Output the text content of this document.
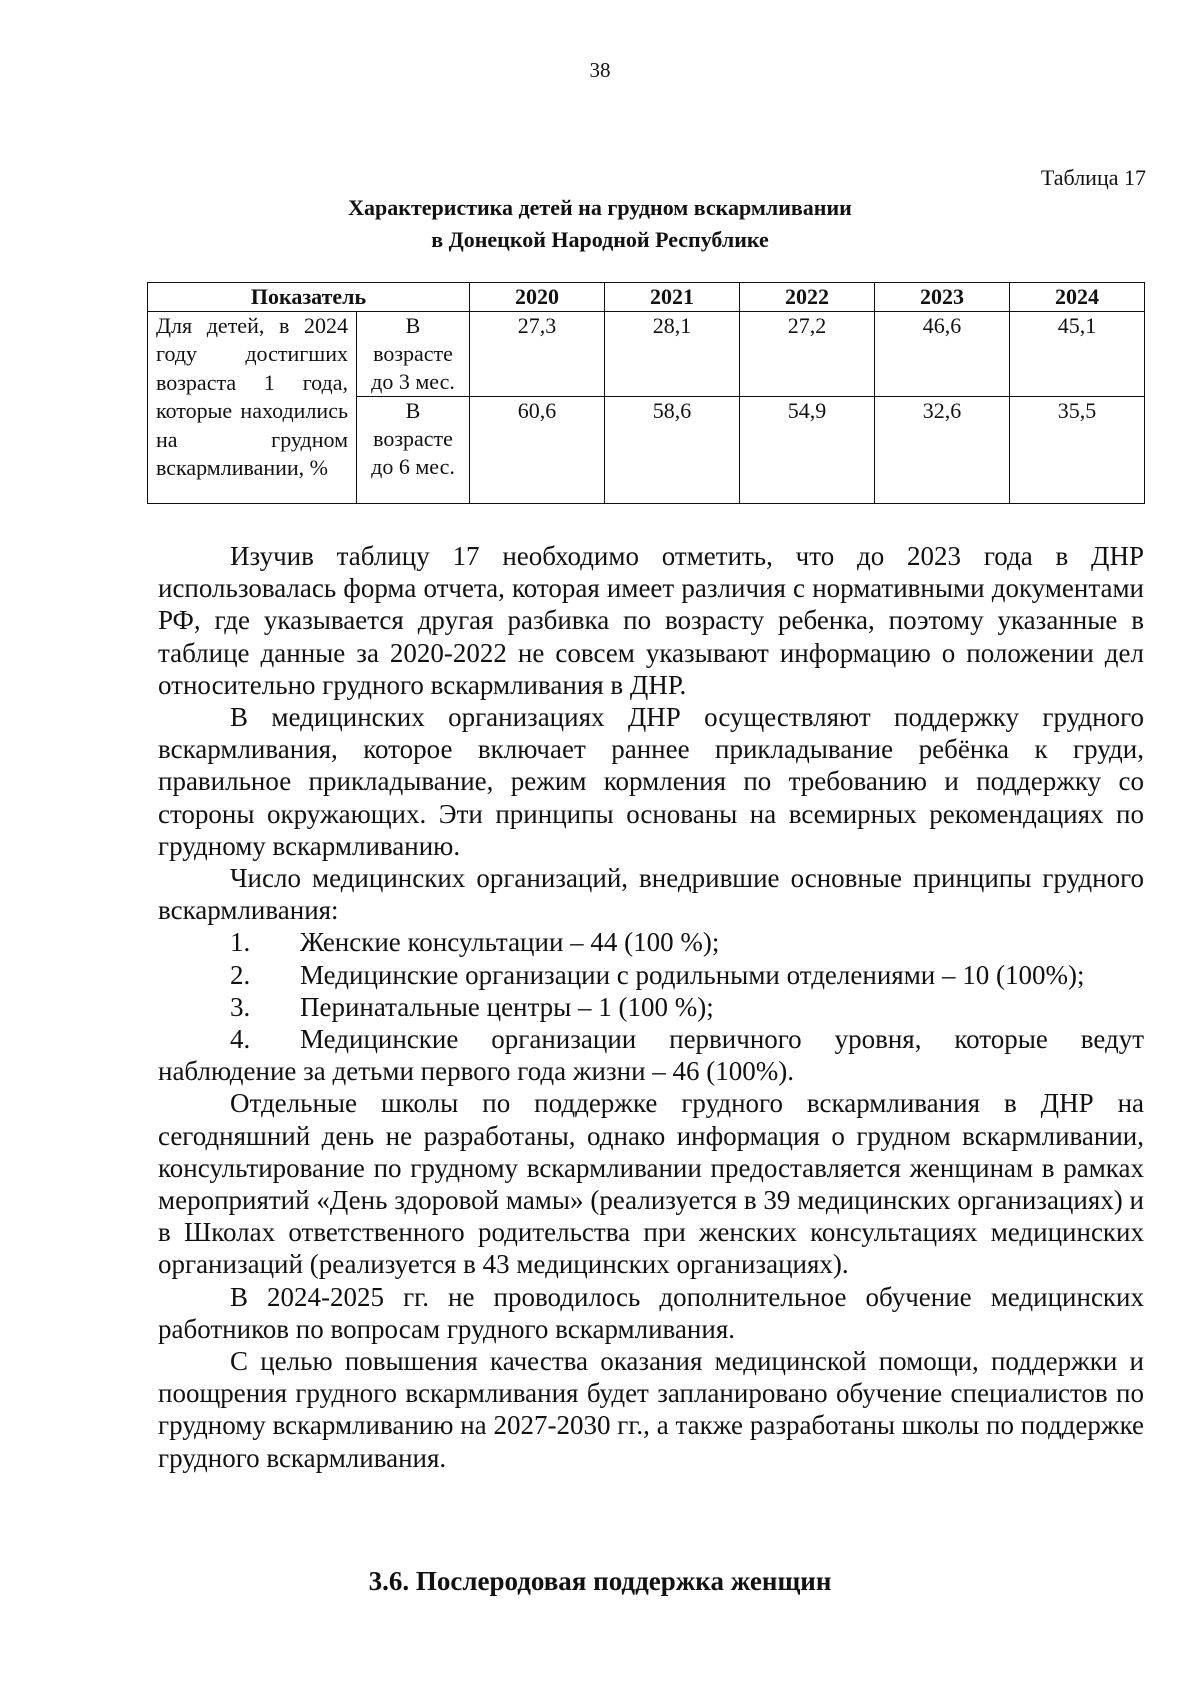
38
Таблица 17
Характеристика детей на грудном вскармливании
в Донецкой Народной Республике
Показатель		2020	2021	2022	2023	2024
Для детей, в 2024 году достигших возраста 1 года, которые находились на грудном вскармливании, %	В возрасте до 3 мес.	27,3	28,1	27,2	46,6	45,1
	В возрасте до 6 мес.	60,6	58,6	54,9	32,6	35,5

Изучив таблицу 17 необходимо отметить, что до 2023 года в ДНР использовалась форма отчета, которая имеет различия с нормативными документами РФ, где указывается другая разбивка по возрасту ребенка, поэтому указанные в таблице данные за 2020-2022 не совсем указывают информацию о положении дел относительно грудного вскармливания в ДНР.

В медицинских организациях ДНР осуществляют поддержку грудного вскармливания, которое включает раннее прикладывание ребёнка к груди, правильное прикладывание, режим кормления по требованию и поддержку со стороны окружающих. Эти принципы основаны на всемирных рекомендациях по грудному вскармливанию.

Число медицинских организаций, внедрившие основные принципы грудного вскармливания:

1. Женские консультации – 44 (100 %);
2. Медицинские организации с родильными отделениями – 10 (100%);
3. Перинатальные центры – 1 (100 %);
4. Медицинские организации первичного уровня, которые ведут наблюдение за детьми первого года жизни – 46 (100%).

Отдельные школы по поддержке грудного вскармливания в ДНР на сегодняшний день не разработаны, однако информация о грудном вскармливании, консультирование по грудному вскармливании предоставляется женщинам в рамках мероприятий «День здоровой мамы» (реализуется в 39 медицинских организациях) и в Школах ответственного родительства при женских консультациях медицинских организаций (реализуется в 43 медицинских организациях).

В 2024-2025 гг. не проводилось дополнительное обучение медицинских работников по вопросам грудного вскармливания.

С целью повышения качества оказания медицинской помощи, поддержки и поощрения грудного вскармливания будет запланировано обучение специалистов по грудному вскармливанию на 2027-2030 гг., а также разработаны школы по поддержке грудного вскармливания.

3.6. Послеродовая поддержка женщин
